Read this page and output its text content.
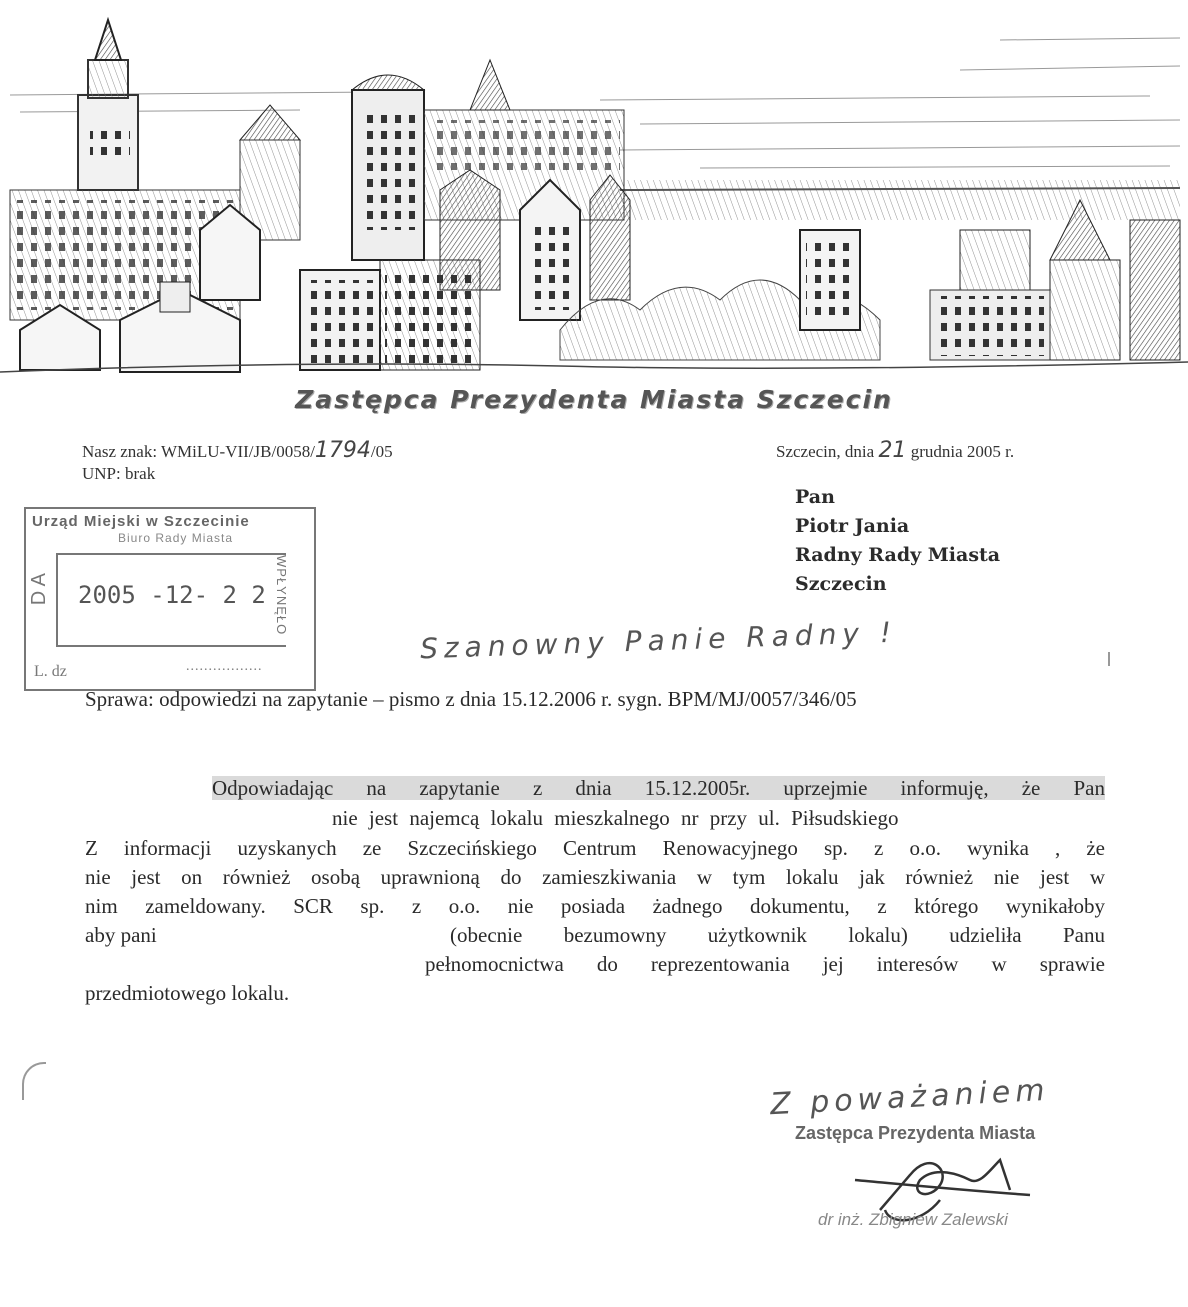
Zastępca Prezydenta Miasta Szczecin
Nasz znak: WMiLU-VII/JB/0058/1794/05
UNP: brak
Szczecin, dnia 21 grudnia 2005 r.
Pan
Piotr Jania
Radny Rady Miasta
Szczecin
Urząd Miejski w Szczecinie
Biuro Rady Miasta
D A 2005 -12- 2 2 WPŁYNĘŁO
L. dz	.................
Szanowny Panie Radny !
Sprawa: odpowiedzi na zapytanie – pismo z dnia 15.12.2006 r. sygn. BPM/MJ/0057/346/05
Odpowiadając na zapytanie z dnia 15.12.2005r. uprzejmie informuję, że Pan
nie jest najemcą lokalu mieszkalnego nr przy ul. Piłsudskiego
Z informacji uzyskanych ze Szczecińskiego Centrum Renowacyjnego sp. z o.o. wynika , że
nie jest on również osobą uprawnioną do zamieszkiwania w tym lokalu jak również nie jest w
nim zameldowany. SCR sp. z o.o. nie posiada żadnego dokumentu, z którego wynikałoby
aby pani	(obecnie bezumowny użytkownik lokalu) udzieliła Panu
pełnomocnictwa do reprezentowania jej interesów w sprawie
przedmiotowego lokalu.
Z poważaniem
Zastępca Prezydenta Miasta
dr inż. Zbigniew Zalewski
